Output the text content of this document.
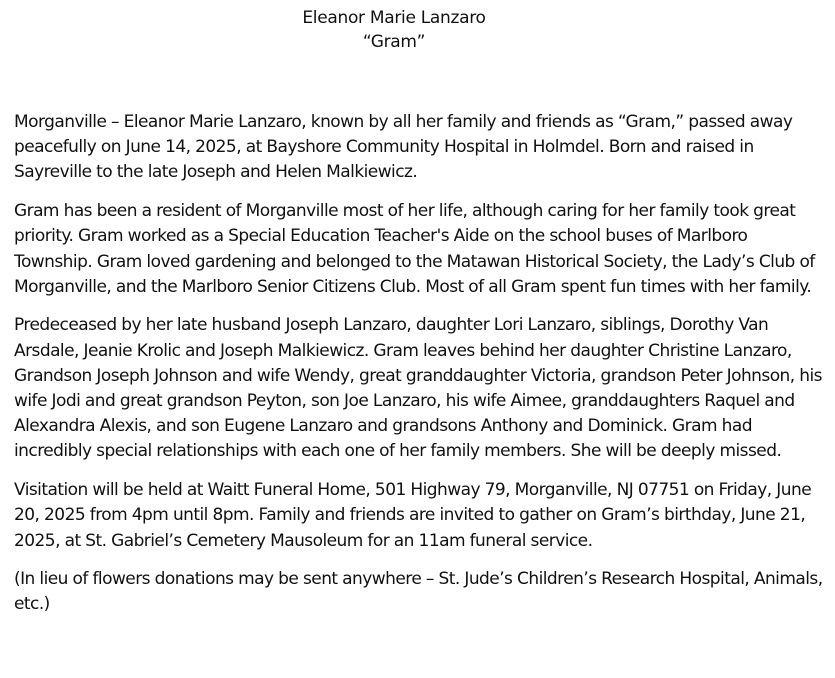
Eleanor Marie Lanzaro
“Gram”

Morganville – Eleanor Marie Lanzaro, known by all her family and friends as “Gram,” passed away peacefully on June 14, 2025, at Bayshore Community Hospital in Holmdel. Born and raised in Sayreville to the late Joseph and Helen Malkiewicz.

Gram has been a resident of Morganville most of her life, although caring for her family took great priority. Gram worked as a Special Education Teacher's Aide on the school buses of Marlboro Township. Gram loved gardening and belonged to the Matawan Historical Society, the Lady’s Club of Morganville, and the Marlboro Senior Citizens Club. Most of all Gram spent fun times with her family.

Predeceased by her late husband Joseph Lanzaro, daughter Lori Lanzaro, siblings, Dorothy Van Arsdale, Jeanie Krolic and Joseph Malkiewicz. Gram leaves behind her daughter Christine Lanzaro, Grandson Joseph Johnson and wife Wendy, great granddaughter Victoria, grandson Peter Johnson, his wife Jodi and great grandson Peyton, son Joe Lanzaro, his wife Aimee, granddaughters Raquel and Alexandra Alexis, and son Eugene Lanzaro and grandsons Anthony and Dominick. Gram had incredibly special relationships with each one of her family members. She will be deeply missed.

Visitation will be held at Waitt Funeral Home, 501 Highway 79, Morganville, NJ 07751 on Friday, June 20, 2025 from 4pm until 8pm. Family and friends are invited to gather on Gram’s birthday, June 21, 2025, at St. Gabriel’s Cemetery Mausoleum for an 11am funeral service.

(In lieu of flowers donations may be sent anywhere – St. Jude’s Children’s Research Hospital, Animals, etc.)
